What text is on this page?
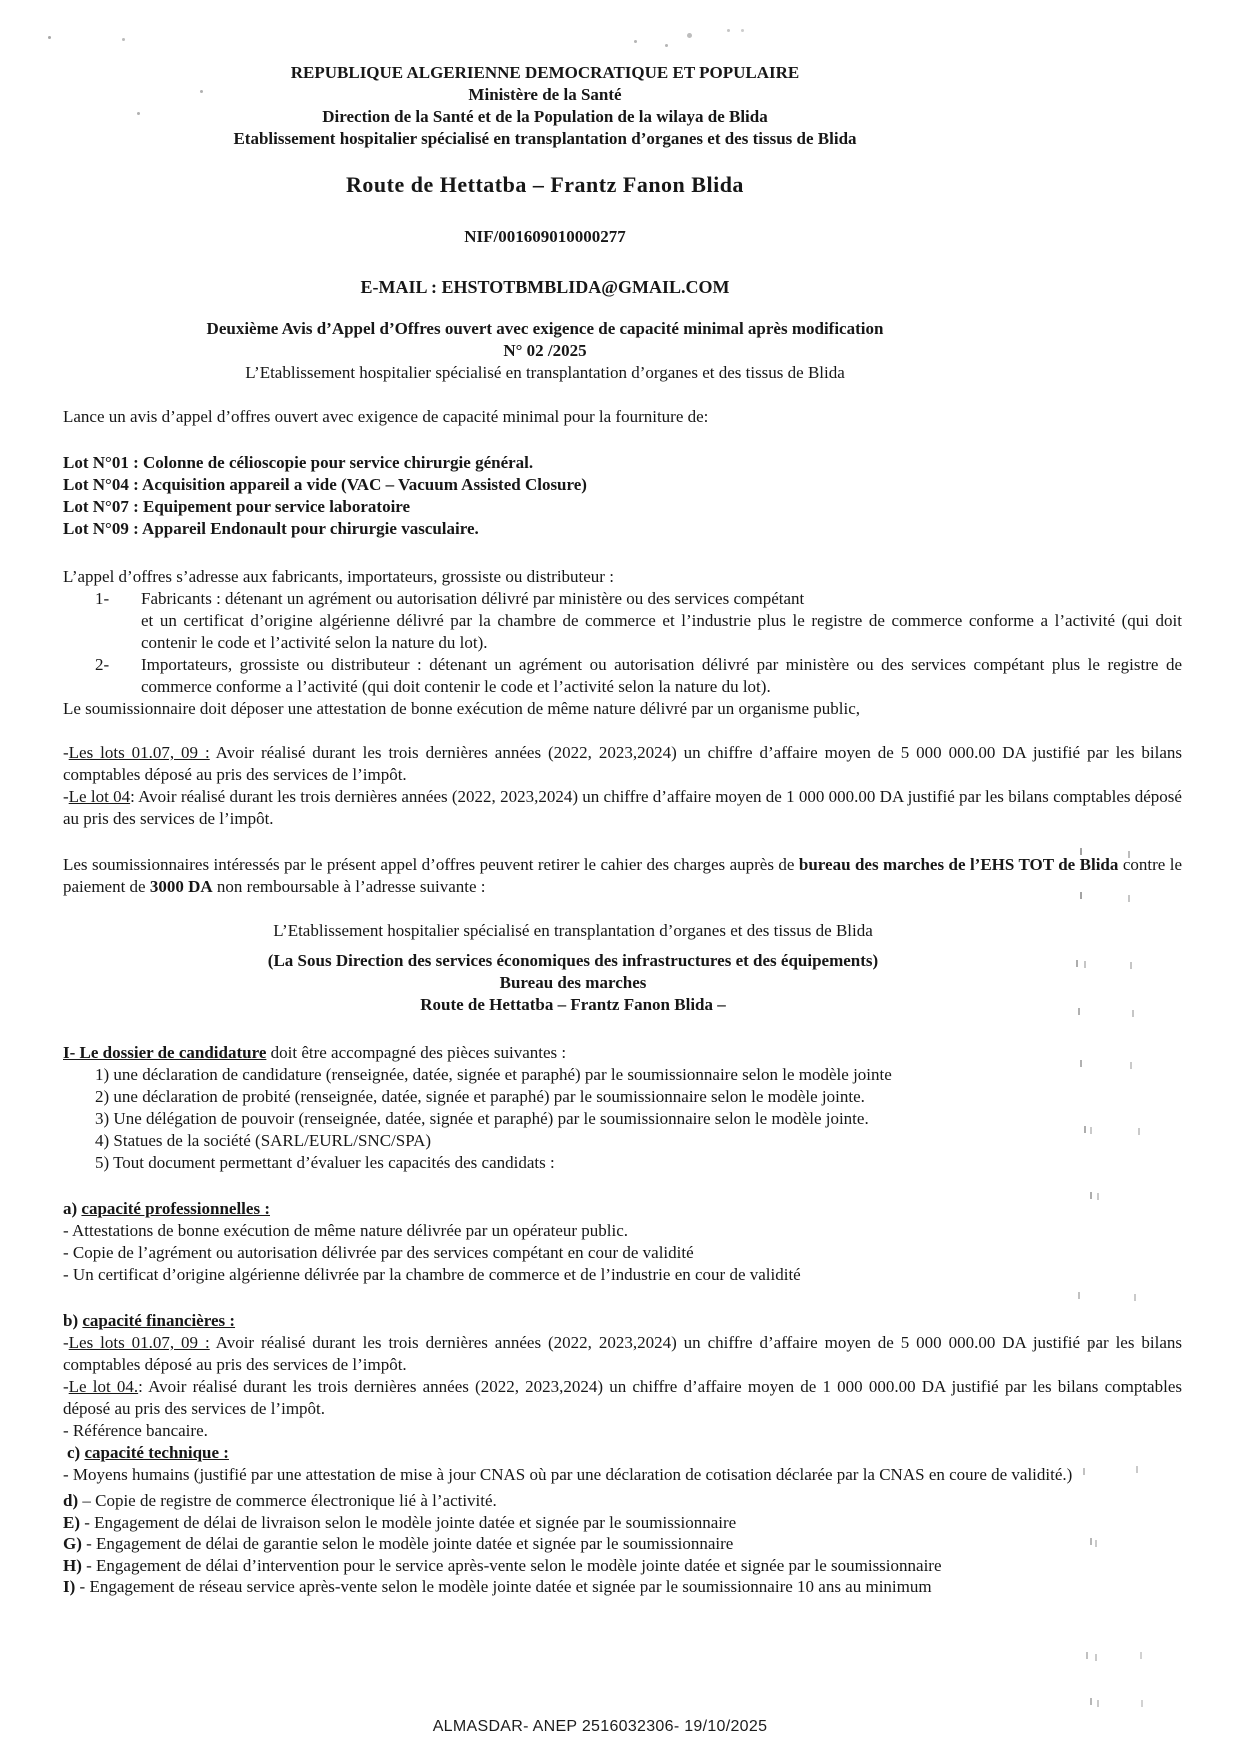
REPUBLIQUE ALGERIENNE DEMOCRATIQUE ET POPULAIRE
Ministère de la Santé
Direction de la Santé et de la Population de la wilaya de Blida
Etablissement hospitalier spécialisé en transplantation d’organes et des tissus de Blida
Route de Hettatba – Frantz Fanon Blida
NIF/001609010000277
E-MAIL : EHSTOTBMBLIDA@GMAIL.COM
Deuxième Avis d’Appel d’Offres ouvert avec exigence de capacité minimal après modification
N° 02 /2025
L’Etablissement hospitalier spécialisé en transplantation d’organes et des tissus de Blida
Lance un avis d’appel d’offres ouvert avec exigence de capacité minimal pour la fourniture de:
Lot N°01 : Colonne de célioscopie pour service chirurgie général.
Lot N°04 : Acquisition appareil a vide (VAC – Vacuum Assisted Closure)
Lot N°07 : Equipement pour service laboratoire
Lot N°09 : Appareil Endonault pour chirurgie vasculaire.
L’appel d’offres s’adresse aux fabricants, importateurs, grossiste ou distributeur :
1- Fabricants : détenant un agrément ou autorisation délivré par ministère ou des services compétant
et un certificat d’origine algérienne délivré par la chambre de commerce et l’industrie plus le registre de commerce conforme a l’activité (qui doit contenir le code et l’activité selon la nature du lot).
2- Importateurs, grossiste ou distributeur : détenant un agrément ou autorisation délivré par ministère ou des services compétant plus le registre de commerce conforme a l’activité (qui doit contenir le code et l’activité selon la nature du lot).
Le soumissionnaire doit déposer une attestation de bonne exécution de même nature délivré par un organisme public,
-Les lots 01.07, 09 : Avoir réalisé durant les trois dernières années (2022, 2023,2024) un chiffre d’affaire moyen de 5 000 000.00 DA justifié par les bilans comptables déposé au pris des services de l’impôt.
-Le lot 04: Avoir réalisé durant les trois dernières années (2022, 2023,2024) un chiffre d’affaire moyen de 1 000 000.00 DA justifié par les bilans comptables déposé au pris des services de l’impôt.
Les soumissionnaires intéressés par le présent appel d’offres peuvent retirer le cahier des charges auprès de bureau des marches de l’EHS TOT de Blida contre le paiement de 3000 DA non remboursable à l’adresse suivante :
L’Etablissement hospitalier spécialisé en transplantation d’organes et des tissus de Blida
(La Sous Direction des services économiques des infrastructures et des équipements)
Bureau des marches
Route de Hettatba – Frantz Fanon Blida –
I- Le dossier de candidature doit être accompagné des pièces suivantes :
1) une déclaration de candidature (renseignée, datée, signée et paraphé) par le soumissionnaire selon le modèle jointe
2) une déclaration de probité (renseignée, datée, signée et paraphé) par le soumissionnaire selon le modèle jointe.
3) Une délégation de pouvoir (renseignée, datée, signée et paraphé) par le soumissionnaire selon le modèle jointe.
4) Statues de la société (SARL/EURL/SNC/SPA)
5) Tout document permettant d’évaluer les capacités des candidats :
a) capacité professionnelles :
- Attestations de bonne exécution de même nature délivrée par un opérateur public.
- Copie de l’agrément ou autorisation délivrée par des services compétant en cour de validité
- Un certificat d’origine algérienne délivrée par la chambre de commerce et de l’industrie en cour de validité
b) capacité financières :
-Les lots 01.07, 09 : Avoir réalisé durant les trois dernières années (2022, 2023,2024) un chiffre d’affaire moyen de 5 000 000.00 DA justifié par les bilans comptables déposé au pris des services de l’impôt.
-Le lot 04.: Avoir réalisé durant les trois dernières années (2022, 2023,2024) un chiffre d’affaire moyen de 1 000 000.00 DA justifié par les bilans comptables déposé au pris des services de l’impôt.
- Référence bancaire.
c) capacité technique :
- Moyens humains (justifié par une attestation de mise à jour CNAS où par une déclaration de cotisation déclarée par la CNAS en coure de validité.)
d) – Copie de registre de commerce électronique lié à l’activité.
E) - Engagement de délai de livraison selon le modèle jointe datée et signée par le soumissionnaire
G) - Engagement de délai de garantie selon le modèle jointe datée et signée par le soumissionnaire
H) - Engagement de délai d’intervention pour le service après-vente selon le modèle jointe datée et signée par le soumissionnaire
I) - Engagement de réseau service après-vente selon le modèle jointe datée et signée par le soumissionnaire 10 ans au minimum
ALMASDAR- ANEP 2516032306- 19/10/2025
